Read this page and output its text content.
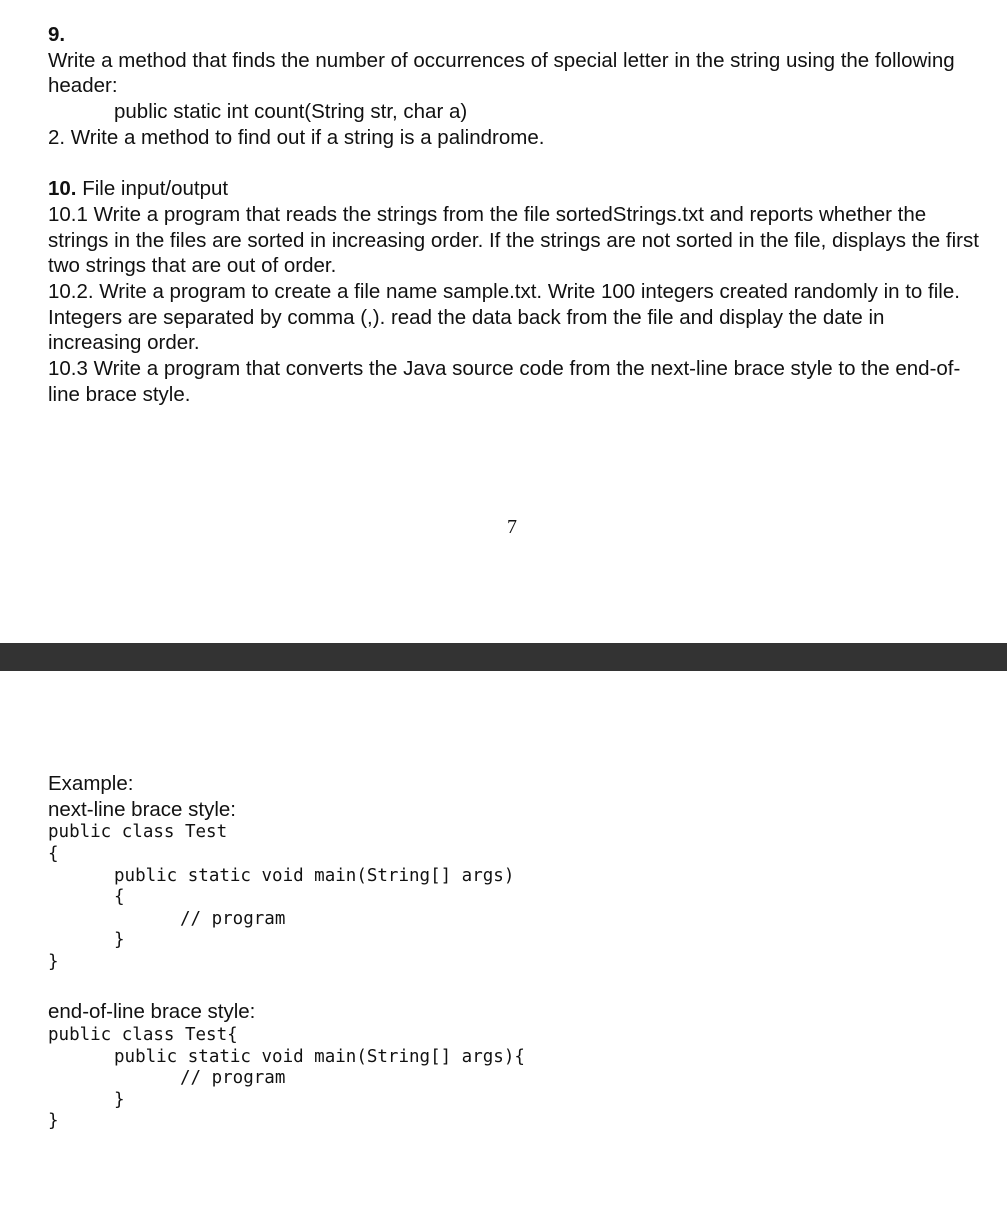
9.
Write a method that finds the number of occurrences of special letter in the string using the following header:
public static int count(String str, char a)
2. Write a method to find out if a string is a palindrome.
10. File input/output
10.1 Write a program that reads the strings from the file sortedStrings.txt and reports whether the strings in the files are sorted in increasing order. If the strings are not sorted in the file, displays the first two strings that are out of order.
10.2. Write a program to create a file name sample.txt. Write 100 integers created randomly in to file. Integers are separated by comma (,). read the data back from the file and display the date in increasing order.
10.3 Write a program that converts the Java source code from the next-line brace style to the end-of-line brace style.
7
Example:
next-line brace style:
public class Test
{
public static void main(String[] args)
{
// program
}
}
end-of-line brace style:
public class Test{
public static void main(String[] args){
// program
}
}
